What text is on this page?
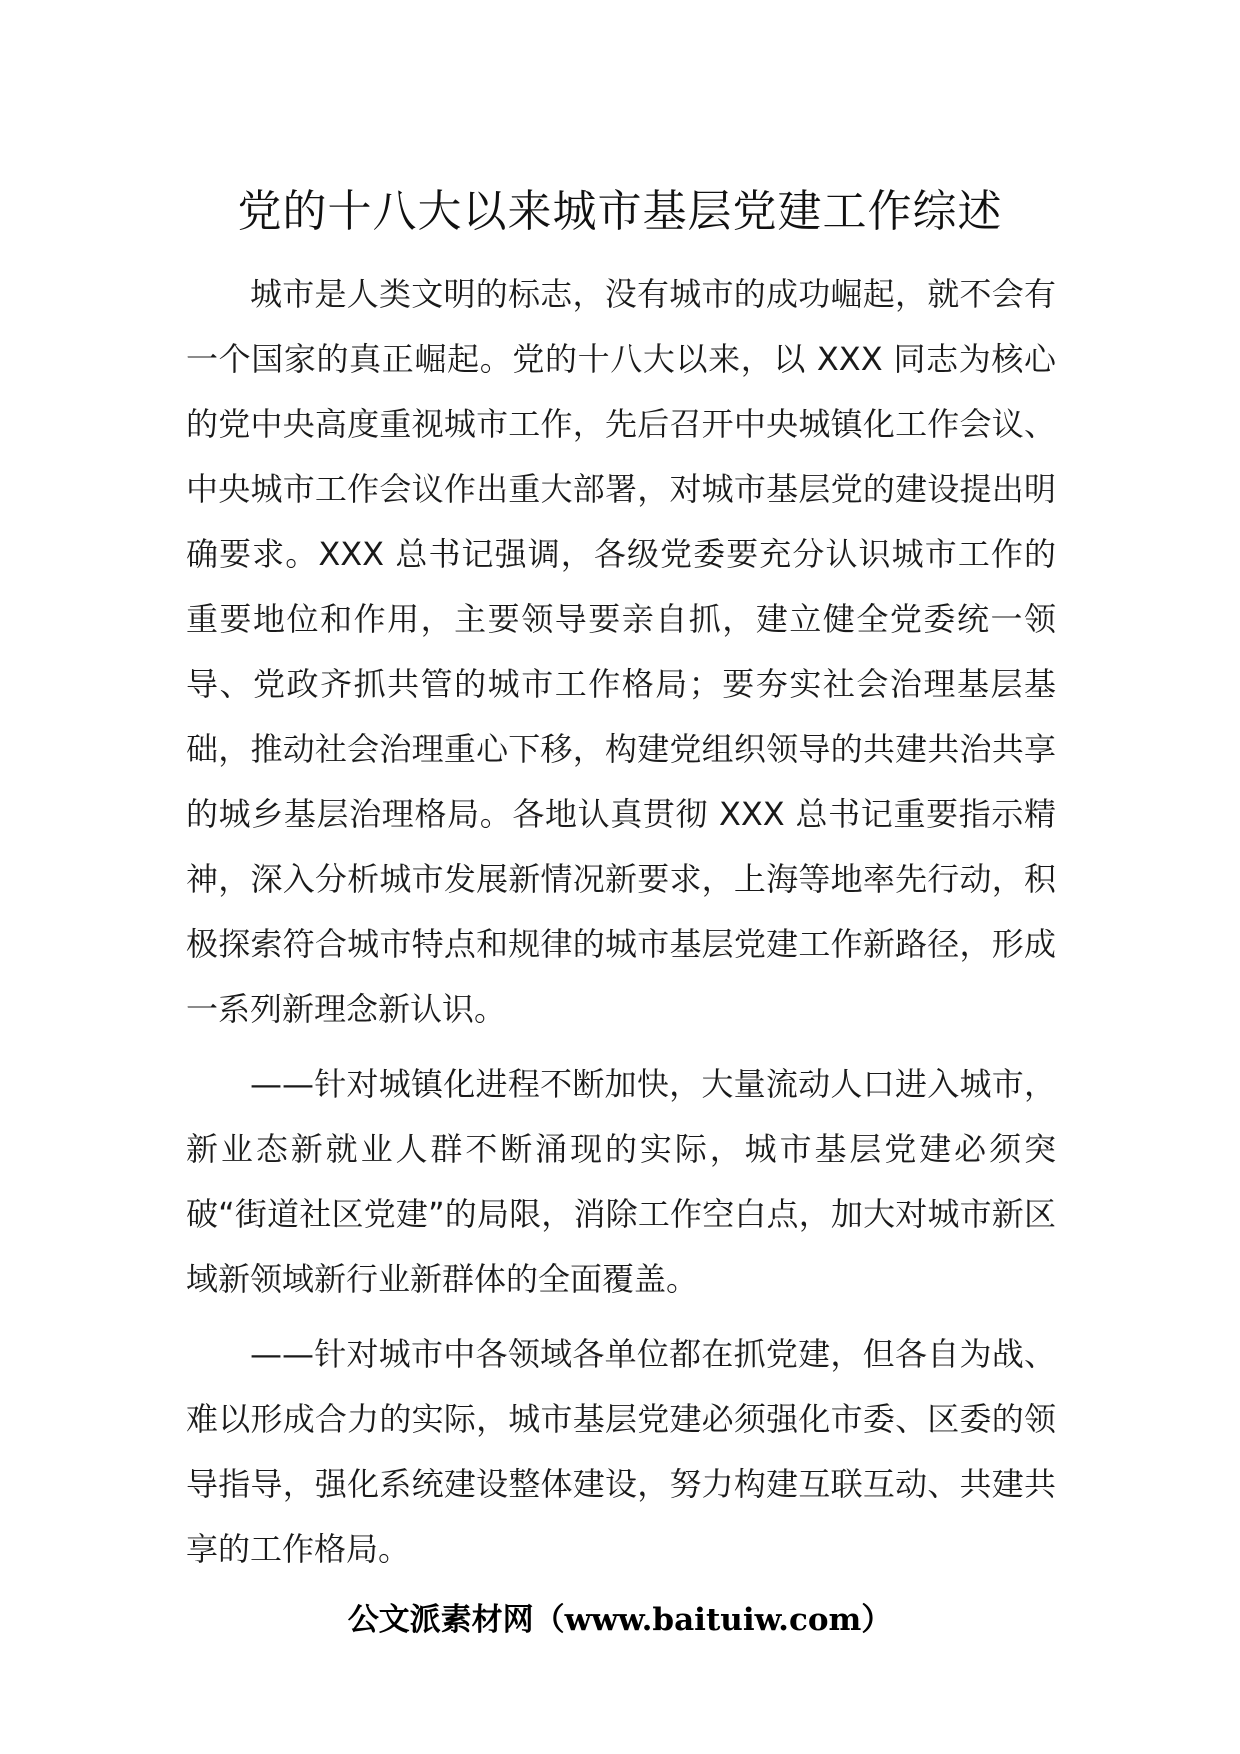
党的十八大以来城市基层党建工作综述

城市是人类文明的标志，没有城市的成功崛起，就不会有一个国家的真正崛起。党的十八大以来，以 XXX 同志为核心的党中央高度重视城市工作，先后召开中央城镇化工作会议、中央城市工作会议作出重大部署，对城市基层党的建设提出明确要求。XXX 总书记强调，各级党委要充分认识城市工作的重要地位和作用，主要领导要亲自抓，建立健全党委统一领导、党政齐抓共管的城市工作格局；要夯实社会治理基层基础，推动社会治理重心下移，构建党组织领导的共建共治共享的城乡基层治理格局。各地认真贯彻 XXX 总书记重要指示精神，深入分析城市发展新情况新要求，上海等地率先行动，积极探索符合城市特点和规律的城市基层党建工作新路径，形成一系列新理念新认识。

——针对城镇化进程不断加快，大量流动人口进入城市，新业态新就业人群不断涌现的实际，城市基层党建必须突破“街道社区党建”的局限，消除工作空白点，加大对城市新区域新领域新行业新群体的全面覆盖。

——针对城市中各领域各单位都在抓党建，但各自为战、难以形成合力的实际，城市基层党建必须强化市委、区委的领导指导，强化系统建设整体建设，努力构建互联互动、共建共享的工作格局。

公文派素材网（www.baituiw.com）
